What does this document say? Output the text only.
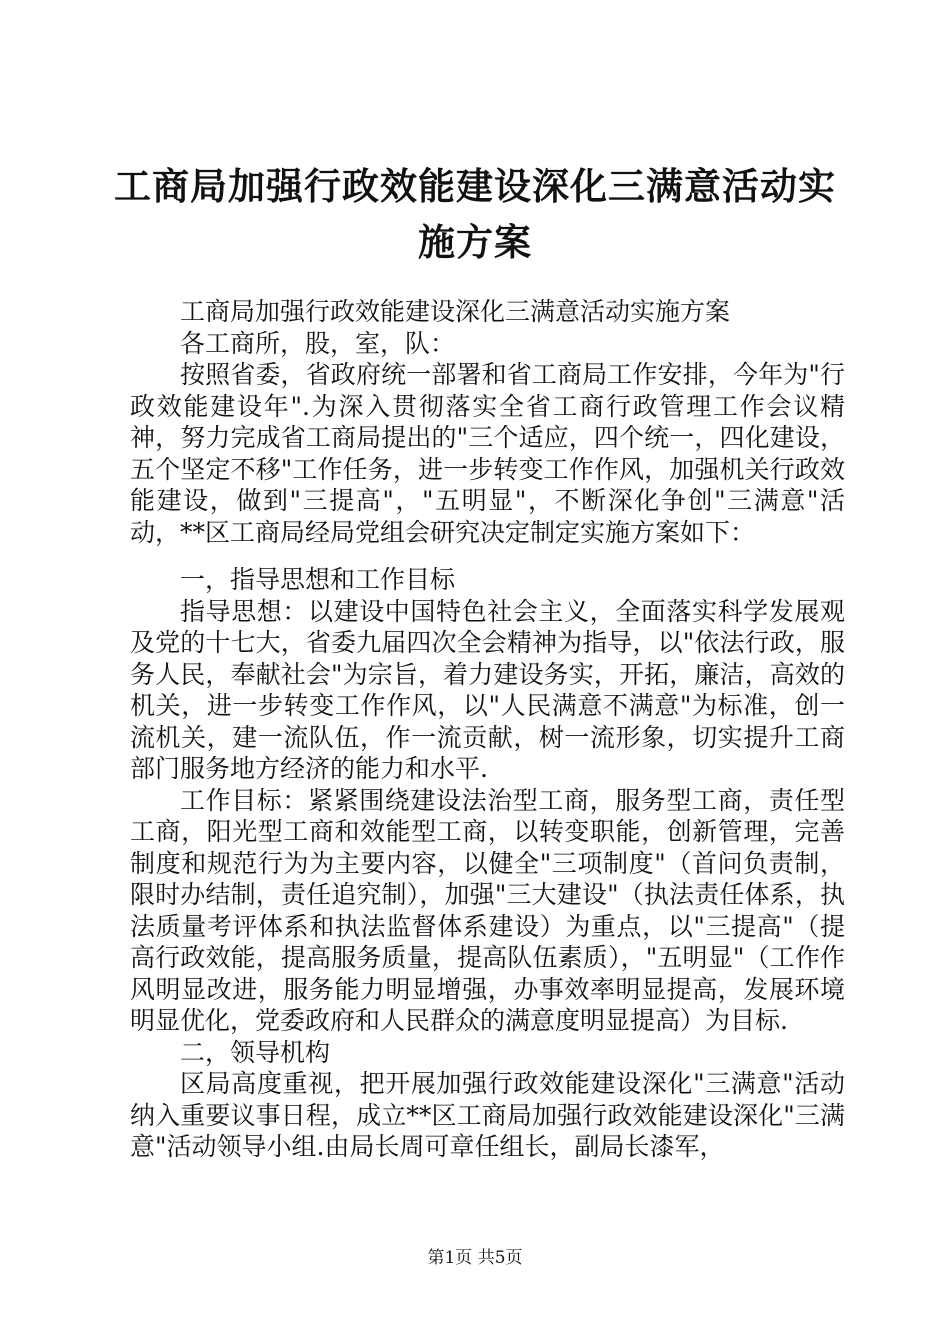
工商局加强行政效能建设深化三满意活动实施方案

工商局加强行政效能建设深化三满意活动实施方案

各工商所，股，室，队：

按照省委，省政府统一部署和省工商局工作安排，今年为"行政效能建设年".为深入贯彻落实全省工商行政管理工作会议精神，努力完成省工商局提出的"三个适应，四个统一，四化建设，五个坚定不移"工作任务，进一步转变工作作风，加强机关行政效能建设，做到"三提高"，"五明显"，不断深化争创"三满意"活动，**区工商局经局党组会研究决定制定实施方案如下：

一，指导思想和工作目标

指导思想：以建设中国特色社会主义，全面落实科学发展观及党的十七大，省委九届四次全会精神为指导，以"依法行政，服务人民，奉献社会"为宗旨，着力建设务实，开拓，廉洁，高效的机关，进一步转变工作作风，以"人民满意不满意"为标准，创一流机关，建一流队伍，作一流贡献，树一流形象，切实提升工商部门服务地方经济的能力和水平.

工作目标：紧紧围绕建设法治型工商，服务型工商，责任型工商，阳光型工商和效能型工商，以转变职能，创新管理，完善制度和规范行为为主要内容，以健全"三项制度"（首问负责制，限时办结制，责任追究制），加强"三大建设"（执法责任体系，执法质量考评体系和执法监督体系建设）为重点，以"三提高"（提高行政效能，提高服务质量，提高队伍素质），"五明显"（工作作风明显改进，服务能力明显增强，办事效率明显提高，发展环境明显优化，党委政府和人民群众的满意度明显提高）为目标.

二，领导机构

区局高度重视，把开展加强行政效能建设深化"三满意"活动纳入重要议事日程，成立**区工商局加强行政效能建设深化"三满意"活动领导小组.由局长周可章任组长，副局长漆军，

第1页 共5页
